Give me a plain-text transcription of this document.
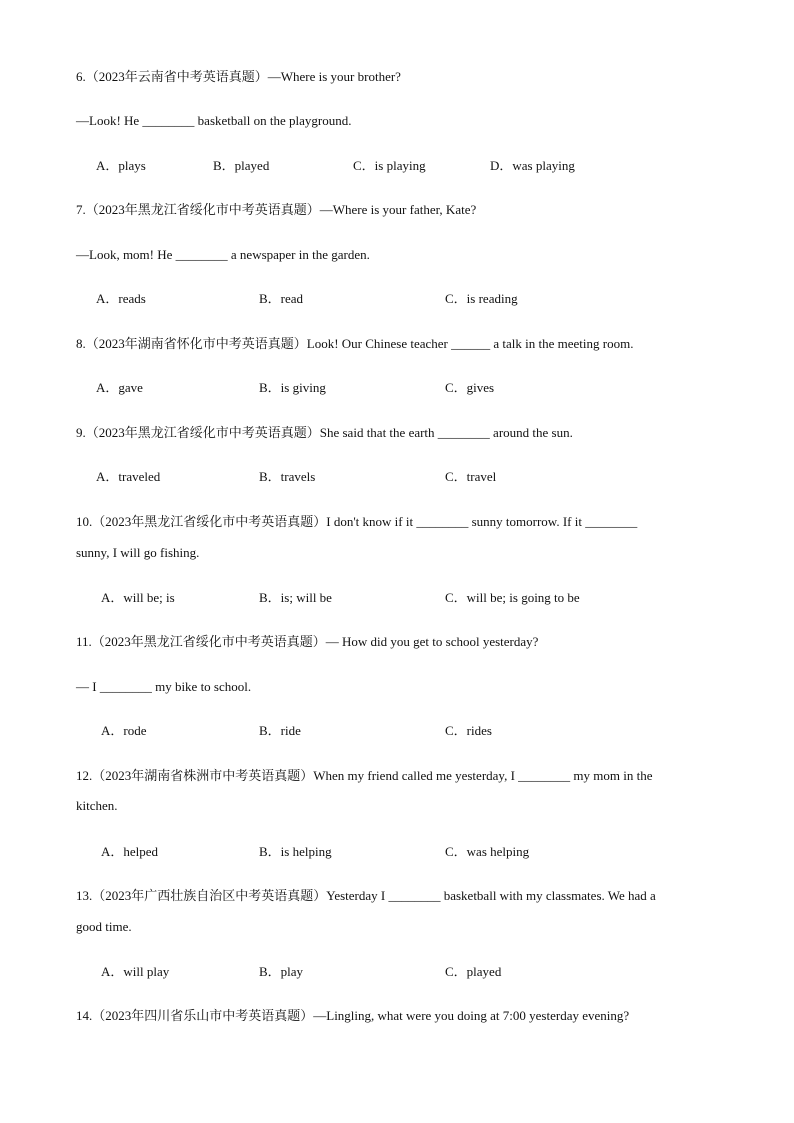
6.（2023年云南省中考英语真题）—Where is your brother?
—Look! He ________ basketball on the playground.
A．plays	B．played	C．is playing	D．was playing
7.（2023年黑龙江省绥化市中考英语真题）—Where is your father, Kate?
—Look, mom! He ________ a newspaper in the garden.
A．reads	B．read	C．is reading
8.（2023年湖南省怀化市中考英语真题）Look! Our Chinese teacher ______ a talk in the meeting room.
A．gave	B．is giving	C．gives
9.（2023年黑龙江省绥化市中考英语真题）She said that the earth ________ around the sun.
A．traveled	B．travels	C．travel
10.（2023年黑龙江省绥化市中考英语真题）I don't know if it ________ sunny tomorrow. If it ________
sunny, I will go fishing.
A．will be; is	B．is; will be	C．will be; is going to be
11.（2023年黑龙江省绥化市中考英语真题）— How did you get to school yesterday?
— I ________ my bike to school.
A．rode	B．ride	C．rides
12.（2023年湖南省株洲市中考英语真题）When my friend called me yesterday, I ________ my mom in the
kitchen.
A．helped	B．is helping	C．was helping
13.（2023年广西壮族自治区中考英语真题）Yesterday I ________ basketball with my classmates. We had a
good time.
A．will play	B．play	C．played
14.（2023年四川省乐山市中考英语真题）—Lingling, what were you doing at 7:00 yesterday evening?
